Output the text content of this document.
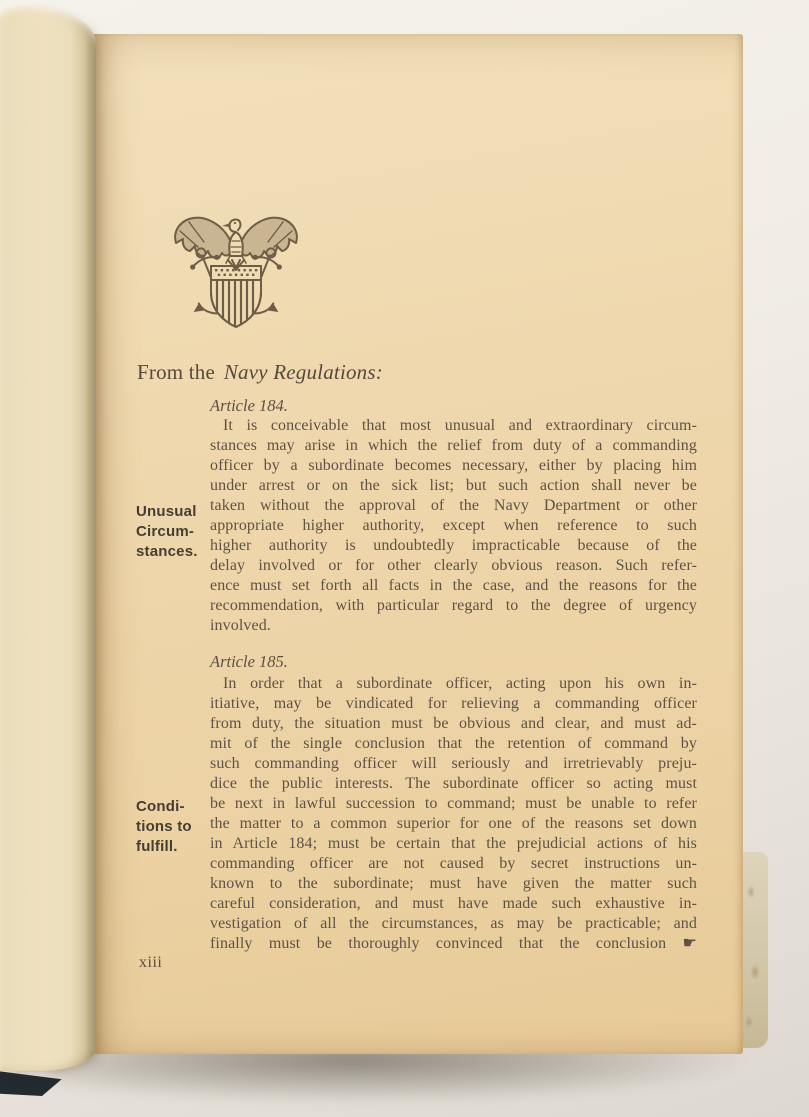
From the Navy Regulations:
Article 184.
It is conceivable that most unusual and extraordinary circum-
stances may arise in which the relief from duty of a commanding
officer by a subordinate becomes necessary, either by placing him
under arrest or on the sick list; but such action shall never be
taken without the approval of the Navy Department or other
appropriate higher authority, except when reference to such
higher authority is undoubtedly impracticable because of the
delay involved or for other clearly obvious reason. Such refer-
ence must set forth all facts in the case, and the reasons for the
recommendation, with particular regard to the degree of urgency
involved.
Unusual
Circum-
stances.
Article 185.
In order that a subordinate officer, acting upon his own in-
itiative, may be vindicated for relieving a commanding officer
from duty, the situation must be obvious and clear, and must ad-
mit of the single conclusion that the retention of command by
such commanding officer will seriously and irretrievably preju-
dice the public interests. The subordinate officer so acting must
be next in lawful succession to command; must be unable to refer
the matter to a common superior for one of the reasons set down
in Article 184; must be certain that the prejudicial actions of his
commanding officer are not caused by secret instructions un-
known to the subordinate; must have given the matter such
careful consideration, and must have made such exhaustive in-
vestigation of all the circumstances, as may be practicable; and
finally must be thoroughly convinced that the conclusion ☛
Condi-
tions to
fulfill.
xiii
